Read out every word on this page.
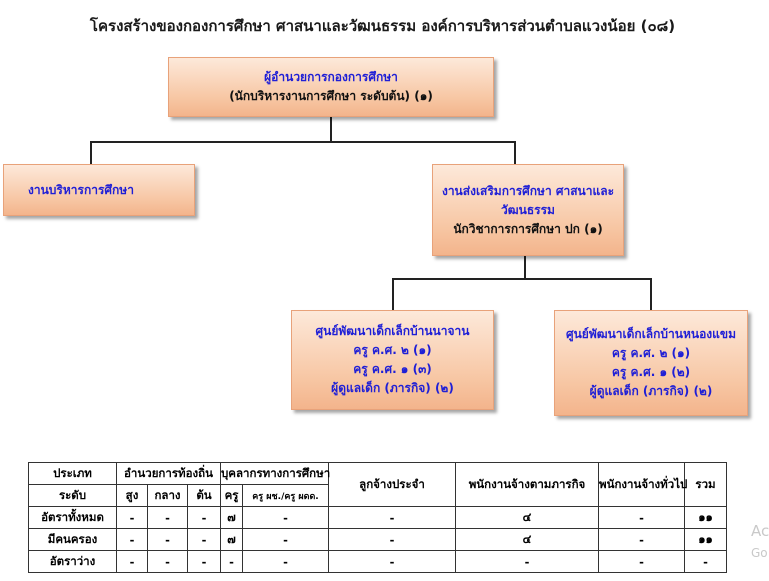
โครงสร้างของกองการศึกษา ศาสนาและวัฒนธรรม องค์การบริหารส่วนตำบลแวงน้อย (๐๘)
ผู้อำนวยการกองการศึกษา
(นักบริหารงานการศึกษา ระดับต้น) (๑)
งานบริหารการศึกษา	งานส่งเสริมการศึกษา ศาสนาและ
วัฒนธรรม
นักวิชาการการศึกษา ปก (๑)
ศูนย์พัฒนาเด็กเล็กบ้านนาจาน
ครู ค.ศ. ๒ (๑)
ครู ค.ศ. ๑ (๓)
ผู้ดูแลเด็ก (ภารกิจ) (๒)
ศูนย์พัฒนาเด็กเล็กบ้านหนองแขม
ครู ค.ศ. ๒ (๑)
ครู ค.ศ. ๑ (๒)
ผู้ดูแลเด็ก (ภารกิจ) (๒)
ประเภท	อำนวยการท้องถิ่น			บุคลากรทางการศึกษา		ลูกจ้างประจำ	พนักงานจ้างตามภารกิจ	พนักงานจ้างทั่วไป	รวม
ระดับ	สูง	กลาง	ต้น	ครู	ครู ผช./ครู ผดด.				
อัตราทั้งหมด	-	-	-	๗	-	-	๔	-	๑๑
มีคนครอง	-	-	-	๗	-	-	๔	-	๑๑
อัตราว่าง	-	-	-	-	-	-	-	-	-
Ac
Go
